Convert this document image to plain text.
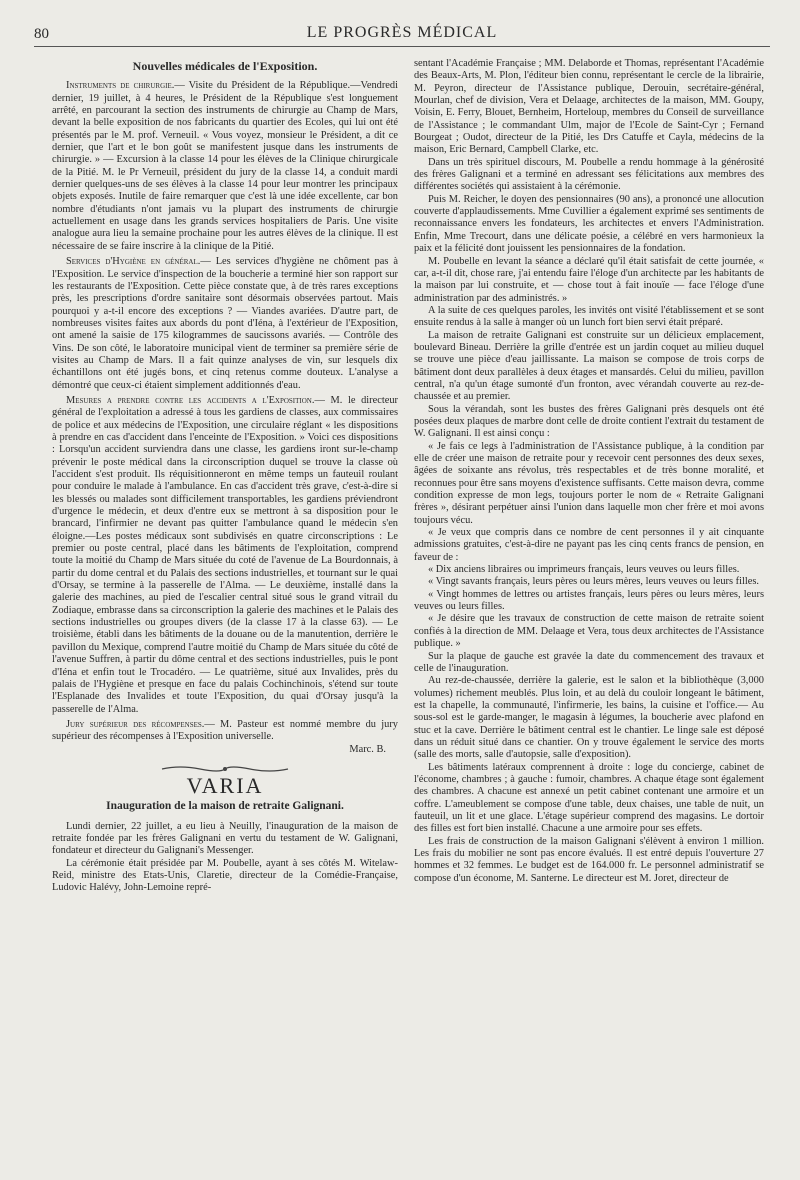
80	LE PROGRÈS MÉDICAL
Nouvelles médicales de l'Exposition.

Instruments de chirurgie.— Visite du Président de la République.—Vendredi dernier, 19 juillet, à 4 heures, le Président de la République s'est longuement arrêté, en parcourant la section des instruments de chirurgie au Champ de Mars, devant la belle exposition de nos fabricants du quartier des Ecoles, qui lui ont été présentés par le M. prof. Verneuil. « Vous voyez, monsieur le Président, a dit ce dernier, que l'art et le bon goût se manifestent jusque dans les instruments de chirurgie. » — Excursion à la classe 14 pour les élèves de la Clinique chirurgicale de la Pitié. M. le Pr Verneuil, président du jury de la classe 14, a conduit mardi dernier quelques-uns de ses élèves à la classe 14 pour leur montrer les principaux objets exposés. Inutile de faire remarquer que c'est là une idée excellente, car bon nombre d'étudiants n'ont jamais vu la plupart des instruments de chirurgie actuellement en usage dans les grands services hospitaliers de Paris. Une visite analogue aura lieu la semaine prochaine pour les autres élèves de la clinique. Il est nécessaire de se faire inscrire à la clinique de la Pitié.

Services d'Hygiène en général.— Les services d'hygiène ne chôment pas à l'Exposition. Le service d'inspection de la boucherie a terminé hier son rapport sur les restaurants de l'Exposition. Cette pièce constate que, à de très rares exceptions près, les prescriptions d'ordre sanitaire sont désormais observées partout. Mais pourquoi y a-t-il encore des exceptions ? — Viandes avariées. D'autre part, de nombreuses visites faites aux abords du pont d'Iéna, à l'extérieur de l'Exposition, ont amené la saisie de 175 kilogrammes de saucissons avariés. — Contrôle des Vins. De son côté, le laboratoire municipal vient de terminer sa première série de visites au Champ de Mars. Il a fait quinze analyses de vin, sur lesquels dix échantillons ont été jugés bons, et cinq retenus comme douteux. L'analyse a démontré que ceux-ci étaient simplement additionnés d'eau.

Mesures a prendre contre les accidents a l'Exposition.— M. le directeur général de l'exploitation a adressé à tous les gardiens de classes, aux commissaires de police et aux médecins de l'Exposition, une circulaire réglant « les dispositions à prendre en cas d'accident dans l'enceinte de l'Exposition. » Voici ces dispositions : Lorsqu'un accident surviendra dans une classe, les gardiens iront sur-le-champ prévenir le poste médical dans la circonscription duquel se trouve la classe où l'accident s'est produit. Ils réquisitionneront en même temps un fauteuil roulant pour conduire le malade à l'ambulance. En cas d'accident très grave, c'est-à-dire si les blessés ou malades sont difficilement transportables, les gardiens préviendront d'urgence le médecin, et deux d'entre eux se mettront à sa disposition pour le brancard, l'infirmier ne devant pas quitter l'ambulance quand le médecin s'en éloigne.—Les postes médicaux sont subdivisés en quatre circonscriptions : Le premier ou poste central, placé dans les bâtiments de l'exploitation, comprend toute la moitié du Champ de Mars située du coté de l'avenue de La Bourdonnais, à partir du dome central et du Palais des sections industrielles, et tournant sur le quai d'Orsay, se termine à la passerelle de l'Alma. — Le deuxième, installé dans la galerie des machines, au pied de l'escalier central situé sous le grand vitrail du Zodiaque, embrasse dans sa circonscription la galerie des machines et le Palais des sections industrielles ou groupes divers (de la classe 17 à la classe 63). — Le troisième, établi dans les bâtiments de la douane ou de la manutention, derrière le pavillon du Mexique, comprend l'autre moitié du Champ de Mars située du côté de l'avenue Suffren, à partir du dôme central et des sections industrielles, puis le pont d'Iéna et enfin tout le Trocadéro. — Le quatrième, situé aux Invalides, près du palais de l'Hygiène et presque en face du palais Cochinchinois, s'étend sur toute l'Esplanade des Invalides et toute l'Exposition, du quai d'Orsay jusqu'à la passerelle de l'Alma.

Jury supérieur des récompenses.— M. Pasteur est nommé membre du jury supérieur des récompenses à l'Exposition universelle.

Marc. B.
VARIA
Inauguration de la maison de retraite Galignani.

Lundi dernier, 22 juillet, a eu lieu à Neuilly, l'inauguration de la maison de retraite fondée par les frères Galignani en vertu du testament de W. Galignani, fondateur et directeur du Galignani's Messenger.

La cérémonie était présidée par M. Poubelle, ayant à ses côtés M. Witelaw-Reid, ministre des Etats-Unis, Claretie, directeur de la Comédie-Française, Ludovic Halévy, John-Lemoine repré-

sentant l'Académie Française ; MM. Delaborde et Thomas, représentant l'Académie des Beaux-Arts, M. Plon, l'éditeur bien connu, représentant le cercle de la librairie, M. Peyron, directeur de l'Assistance publique, Derouin, secrétaire-général, Mourlan, chef de division, Vera et Delaage, architectes de la maison, MM. Goupy, Voisin, E. Ferry, Blouet, Bernheim, Horteloup, membres du Conseil de surveillance de l'Assistance ; le commandant Ulm, major de l'Ecole de Saint-Cyr ; Fernand Bourgeat ; Oudot, directeur de la Pitié, les Drs Catuffe et Cayla, médecins de la maison, Eric Bernard, Campbell Clarke, etc.

Dans un très spirituel discours, M. Poubelle a rendu hommage à la générosité des frères Galignani et a terminé en adressant ses félicitations aux membres des différentes sociétés qui assistaient à la cérémonie.

Puis M. Reicher, le doyen des pensionnaires (90 ans), a prononcé une allocution couverte d'applaudissements. Mme Cuvillier a également exprimé ses sentiments de reconnaissance envers les fondateurs, les architectes et envers l'Administration. Enfin, Mme Trecourt, dans une délicate poésie, a célébré en vers harmonieux la paix et la félicité dont jouissent les pensionnaires de la fondation.

M. Poubelle en levant la séance a déclaré qu'il était satisfait de cette journée, « car, a-t-il dit, chose rare, j'ai entendu faire l'éloge d'un architecte par les habitants de la maison par lui construite, et — chose tout à fait inouïe — face l'éloge d'une administration par des administrés. »

A la suite de ces quelques paroles, les invités ont visité l'établissement et se sont ensuite rendus à la salle à manger où un lunch fort bien servi était préparé.

La maison de retraite Galignani est construite sur un délicieux emplacement, boulevard Bineau. Derrière la grille d'entrée est un jardin coquet au milieu duquel se trouve une pièce d'eau jaillissante. La maison se compose de trois corps de bâtiment dont deux parallèles à deux étages et mansardés. Celui du milieu, pavillon central, n'a qu'un étage sumonté d'un fronton, avec vérandah couverte au rez-de-chaussée et au premier.

Sous la vérandah, sont les bustes des frères Galignani près desquels ont été posées deux plaques de marbre dont celle de droite contient l'extrait du testament de W. Galignani. Il est ainsi conçu :

« Je fais ce legs à l'administration de l'Assistance publique, à la condition par elle de créer une maison de retraite pour y recevoir cent personnes des deux sexes, âgées de soixante ans révolus, très respectables et de très bonne moralité, et reconnues pour être sans moyens d'existence suffisants. Cette maison devra, comme condition expresse de mon legs, toujours porter le nom de « Retraite Galignani frères », désirant perpétuer ainsi l'union dans laquelle mon cher frère et moi avons toujours vécu.

« Je veux que compris dans ce nombre de cent personnes il y ait cinquante admissions gratuites, c'est-à-dire ne payant pas les cinq cents francs de pension, en faveur de :

« Dix anciens libraires ou imprimeurs français, leurs veuves ou leurs filles.

« Vingt savants français, leurs pères ou leurs mères, leurs veuves ou leurs filles.

« Vingt hommes de lettres ou artistes français, leurs pères ou leurs mères, leurs veuves ou leurs filles.

« Je désire que les travaux de construction de cette maison de retraite soient confiés à la direction de MM. Delaage et Vera, tous deux architectes de l'Assistance publique. »

Sur la plaque de gauche est gravée la date du commencement des travaux et celle de l'inauguration.

Au rez-de-chaussée, derrière la galerie, est le salon et la bibliothèque (3,000 volumes) richement meublés. Plus loin, et au delà du couloir longeant le bâtiment, est la chapelle, la communauté, l'infirmerie, les bains, la cuisine et l'office.— Au sous-sol est le garde-manger, le magasin à légumes, la boucherie avec plafond en stuc et la cave. Derrière le bâtiment central est le chantier. Le linge sale est déposé dans un réduit situé dans ce chantier. On y trouve également le service des morts (salle des morts, salle d'autopsie, salle d'exposition).

Les bâtiments latéraux comprennent à droite : loge du concierge, cabinet de l'économe, chambres ; à gauche : fumoir, chambres. A chaque étage sont également des chambres. A chacune est annexé un petit cabinet contenant une armoire et un coffre. L'ameublement se compose d'une table, deux chaises, une table de nuit, un fauteuil, un lit et une glace. L'étage supérieur comprend des magasins. Le dortoir des filles est fort bien installé. Chacune a une armoire pour ses effets.

Les frais de construction de la maison Galignani s'élèvent à environ 1 million. Les frais du mobilier ne sont pas encore évalués. Il est entré depuis l'ouverture 27 hommes et 32 femmes. Le budget est de 164.000 fr. Le personnel administratif se compose d'un économe, M. Santerne. Le directeur est M. Joret, directeur de
